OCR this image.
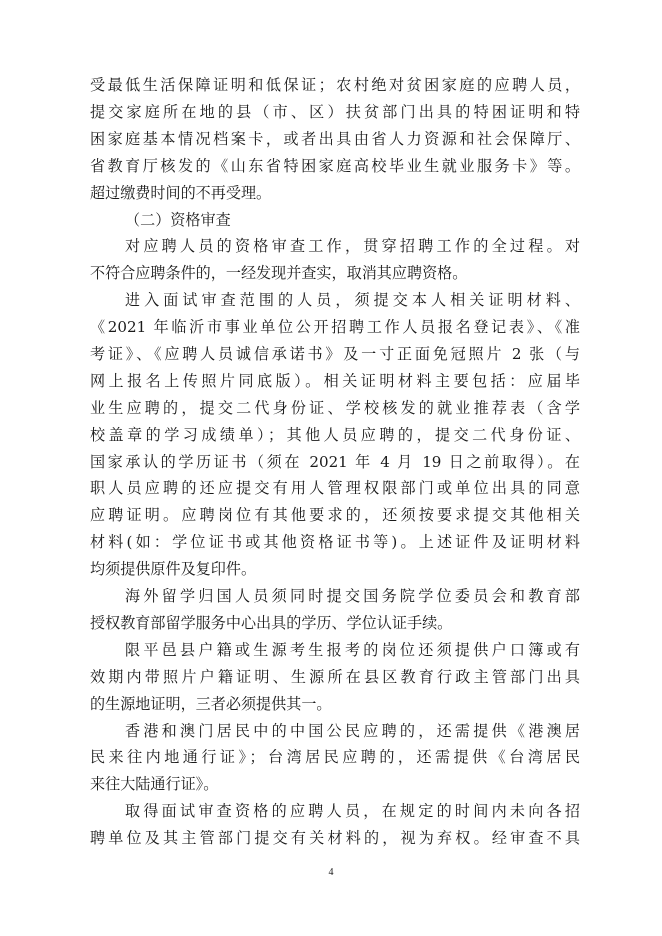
4
受最低生活保障证明和低保证；农村绝对贫困家庭的应聘人员，
提交家庭所在地的县（市、区）扶贫部门出具的特困证明和特
困家庭基本情况档案卡，或者出具由省人力资源和社会保障厅、
省教育厅核发的《山东省特困家庭高校毕业生就业服务卡》等。
超过缴费时间的不再受理。
（二）资格审查
对应聘人员的资格审查工作，贯穿招聘工作的全过程。对
不符合应聘条件的，一经发现并查实，取消其应聘资格。
进入面试审查范围的人员，须提交本人相关证明材料、
《2021 年临沂市事业单位公开招聘工作人员报名登记表》、《准
考证》、《应聘人员诚信承诺书》及一寸正面免冠照片 2 张（与
网上报名上传照片同底版）。相关证明材料主要包括：应届毕
业生应聘的，提交二代身份证、学校核发的就业推荐表（含学
校盖章的学习成绩单）；其他人员应聘的，提交二代身份证、
国家承认的学历证书（须在 2021 年 4 月 19 日之前取得）。在
职人员应聘的还应提交有用人管理权限部门或单位出具的同意
应聘证明。应聘岗位有其他要求的，还须按要求提交其他相关
材料(如：学位证书或其他资格证书等)。上述证件及证明材料
均须提供原件及复印件。
海外留学归国人员须同时提交国务院学位委员会和教育部
授权教育部留学服务中心出具的学历、学位认证手续。
限平邑县户籍或生源考生报考的岗位还须提供户口簿或有
效期内带照片户籍证明、生源所在县区教育行政主管部门出具
的生源地证明，三者必须提供其一。
香港和澳门居民中的中国公民应聘的，还需提供《港澳居
民来往内地通行证》；台湾居民应聘的，还需提供《台湾居民
来往大陆通行证》。
取得面试审查资格的应聘人员，在规定的时间内未向各招
聘单位及其主管部门提交有关材料的，视为弃权。经审查不具
